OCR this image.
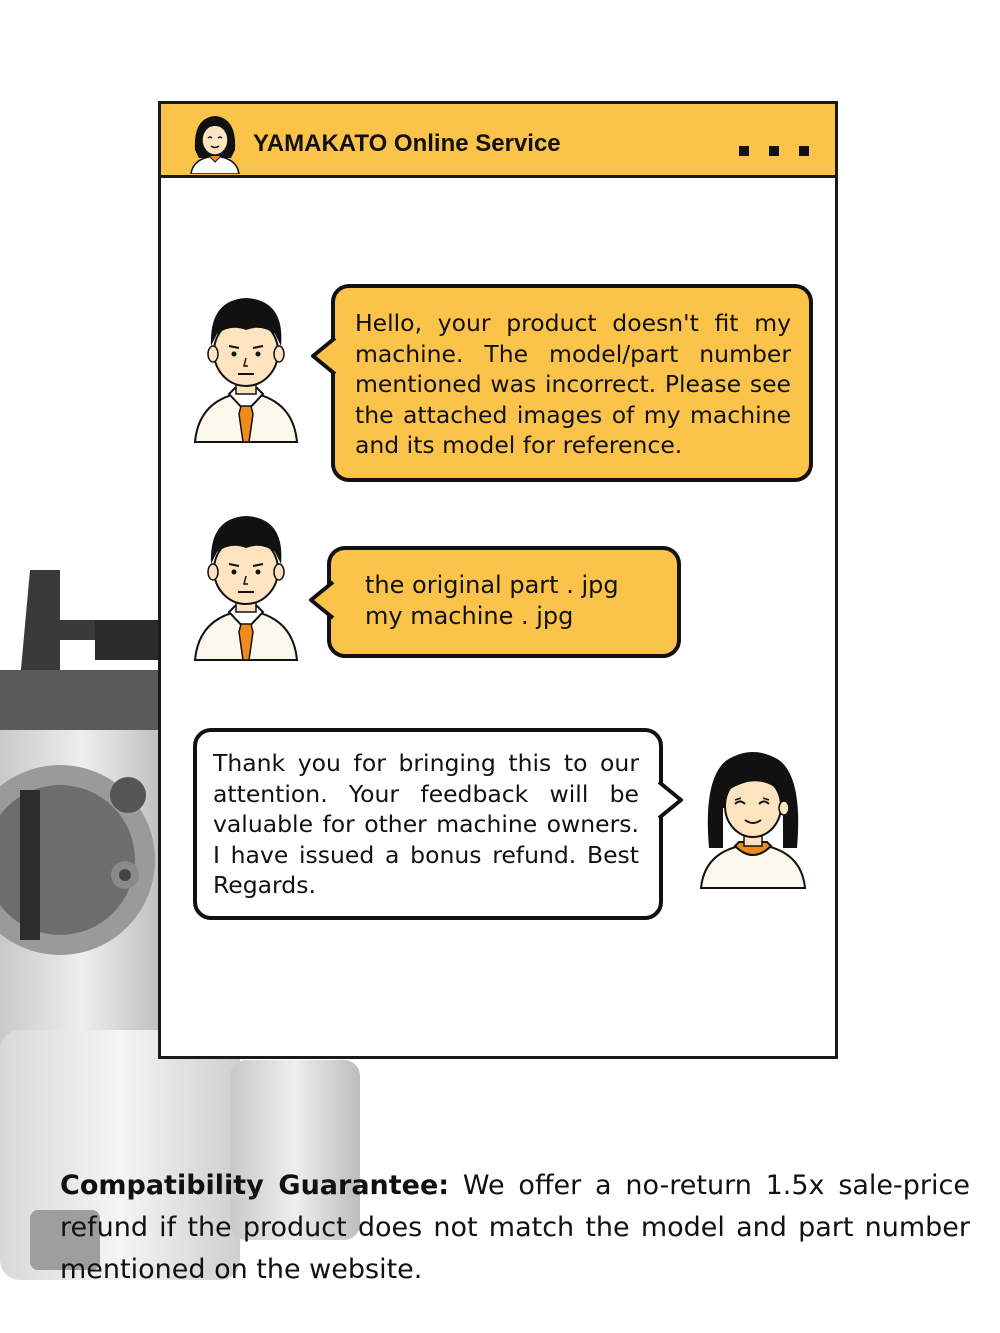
YAMAKATO Online Service
Hello, your product doesn't fit my machine. The model/part number mentioned was incorrect. Please see the attached images of my machine and its model for reference.
the original part . jpg
my machine . jpg
Thank you for bringing this to our attention. Your feedback will be valuable for other machine owners. I have issued a bonus refund. Best Regards.

Compatibility Guarantee: We offer a no-return 1.5x sale-price refund if the product does not match the model and part number mentioned on the website.
